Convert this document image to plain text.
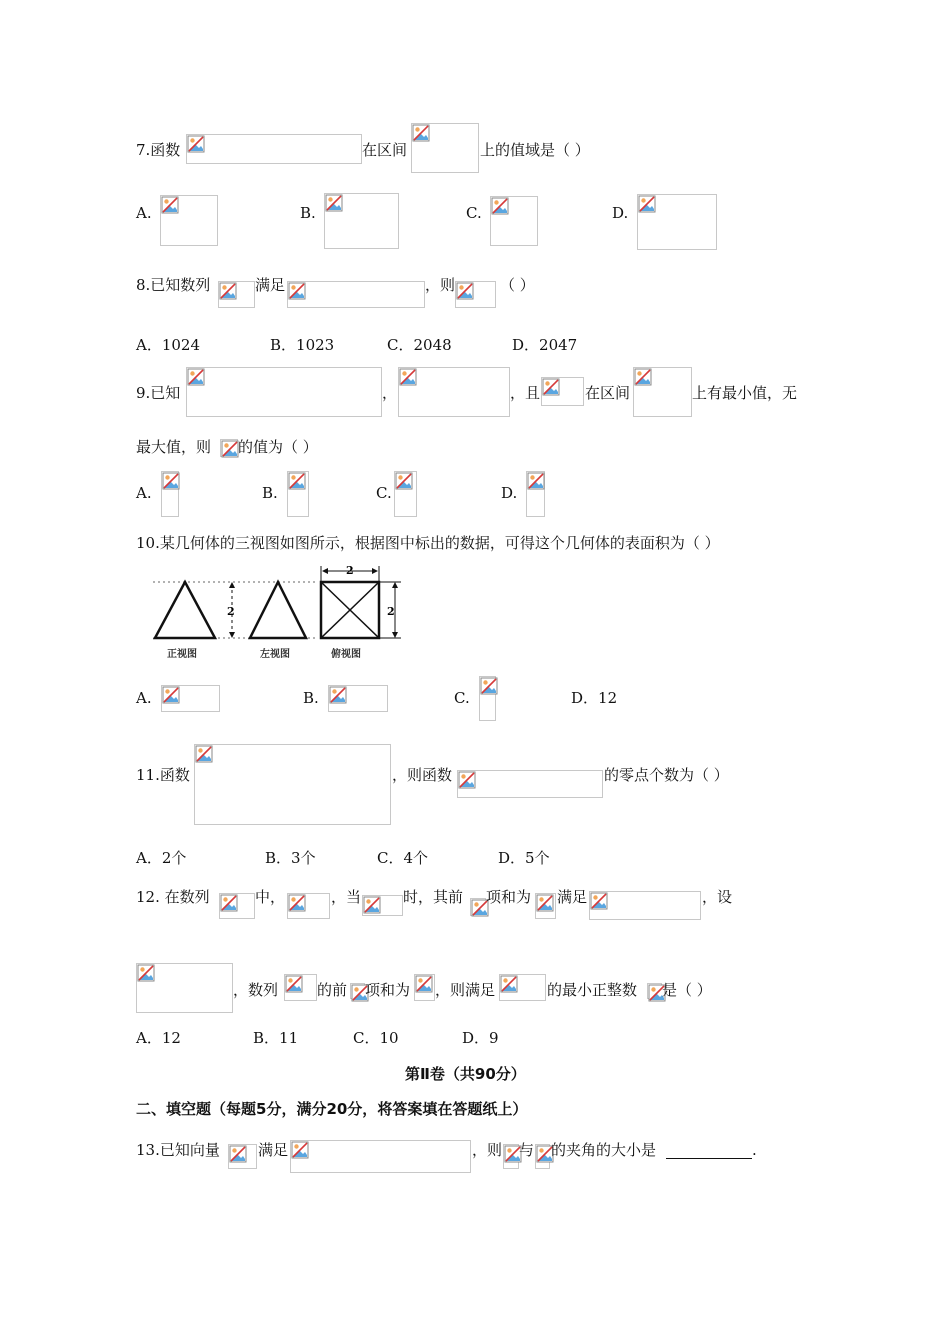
7.函数	在区间	上的值域是（ ）
A.	B.	C.	D.
8.已知数列	满足	，则	（ ）
A．1024	B．1023	C．2048	D．2047
9.已知	，	，且	在区间	上有最小值，无
最大值，则 的值为（ ）
A.	B.	C.	D.
10.某几何体的三视图如图所示，根据图中标出的数据，可得这个几何体的表面积为（ ）
2
2
2
正视图	左视图	俯视图
A.	B.	C.	D．12
11.函数	，则函数	的零点个数为（ ）
A．2个	B．3个	C．4个	D．5个
12. 在数列	中，	，当	时，其前 项和为 满足	，设
，数列	的前 项和为 ，则满足	的最小正整数 是（ ）
A．12	B．11	C．10	D．9
第Ⅱ卷（共90分）
二、填空题（每题5分，满分20分，将答案填在答题纸上）
13.已知向量	满足	，则 与 的夹角的大小是	.
